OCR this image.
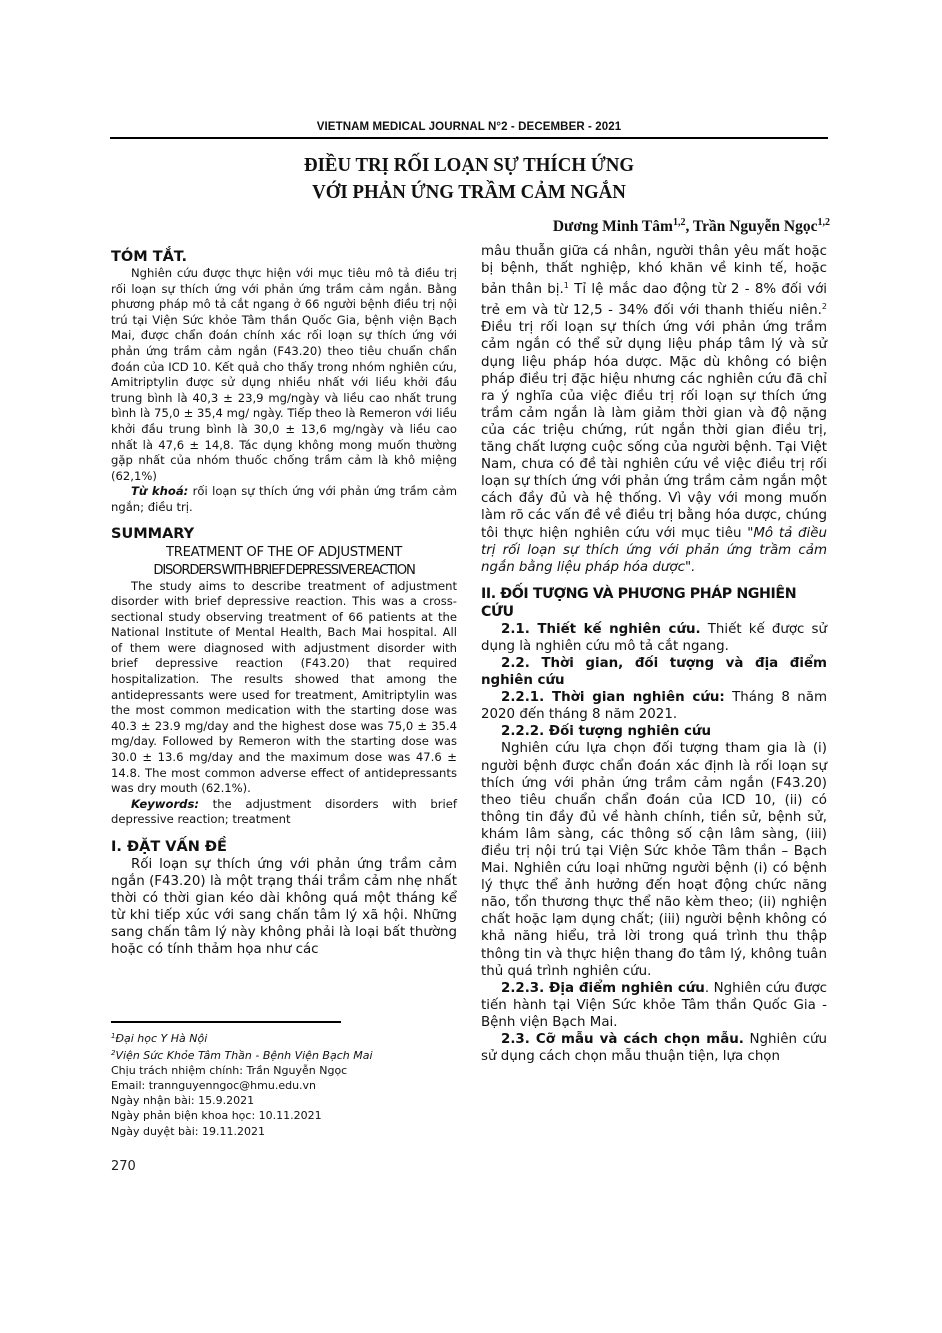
VIETNAM MEDICAL JOURNAL N°2 - DECEMBER - 2021
ĐIỀU TRỊ RỐI LOẠN SỰ THÍCH ỨNG
VỚI PHẢN ỨNG TRẦM CẢM NGẮN
Dương Minh Tâm$^{1,2}$, Trần Nguyễn Ngọc$^{1,2}$
TÓM TẮT.

Nghiên cứu được thực hiện với mục tiêu mô tả điều trị rối loạn sự thích ứng với phản ứng trầm cảm ngắn. Bằng phương pháp mô tả cắt ngang ở 66 người bệnh điều trị nội trú tại Viện Sức khỏe Tâm thần Quốc Gia, bệnh viện Bạch Mai, được chẩn đoán chính xác rối loạn sự thích ứng với phản ứng trầm cảm ngắn (F43.20) theo tiêu chuẩn chẩn đoán của ICD 10. Kết quả cho thấy trong nhóm nghiên cứu, Amitriptylin được sử dụng nhiều nhất với liều khởi đầu trung bình là 40,3 ± 23,9 mg/ngày và liều cao nhất trung bình là 75,0 ± 35,4 mg/ ngày. Tiếp theo là Remeron với liều khởi đầu trung bình là 30,0 ± 13,6 mg/ngày và liều cao nhất là 47,6 ± 14,8. Tác dụng không mong muốn thường gặp nhất của nhóm thuốc chống trầm cảm là khô miệng (62,1%)

Từ khoá: rối loạn sự thích ứng với phản ứng trầm cảm ngắn; điều trị.

SUMMARY
TREATMENT OF THE OF ADJUSTMENT
DISORDERS WITH BRIEF DEPRESSIVE REACTION

The study aims to describe treatment of adjustment disorder with brief depressive reaction. This was a cross-sectional study observing treatment of 66 patients at the National Institute of Mental Health, Bach Mai hospital. All of them were diagnosed with adjustment disorder with brief depressive reaction (F43.20) that required hospitalization. The results showed that among the antidepressants were used for treatment, Amitriptylin was the most common medication with the starting dose was 40.3 ± 23.9 mg/day and the highest dose was 75,0 ± 35.4 mg/day. Followed by Remeron with the starting dose was 30.0 ± 13.6 mg/day and the maximum dose was 47.6 ± 14.8. The most common adverse effect of antidepressants was dry mouth (62.1%).

Keywords: the adjustment disorders with brief depressive reaction; treatment

I. ĐẶT VẤN ĐỀ

Rối loạn sự thích ứng với phản ứng trầm cảm ngắn (F43.20) là một trạng thái trầm cảm nhẹ nhất thời có thời gian kéo dài không quá một tháng kể từ khi tiếp xúc với sang chấn tâm lý xã hội. Những sang chấn tâm lý này không phải là loại bất thường hoặc có tính thảm họa như các

$^1$Đại học Y Hà Nội
$^2$Viện Sức Khỏe Tâm Thần - Bệnh Viện Bạch Mai
Chịu trách nhiệm chính: Trần Nguyễn Ngọc
Email: trannguyenngoc@hmu.edu.vn
Ngày nhận bài: 15.9.2021
Ngày phản biện khoa học: 10.11.2021
Ngày duyệt bài: 19.11.2021
270

mâu thuẫn giữa cá nhân, người thân yêu mất hoặc bị bệnh, thất nghiệp, khó khăn về kinh tế, hoặc bản thân bị.$^1$ Tỉ lệ mắc dao động từ 2 - 8% đối với trẻ em và từ 12,5 - 34% đối với thanh thiếu niên.$^2$ Điều trị rối loạn sự thích ứng với phản ứng trầm cảm ngắn có thể sử dụng liệu pháp tâm lý và sử dụng liệu pháp hóa dược. Mặc dù không có biện pháp điều trị đặc hiệu nhưng các nghiên cứu đã chỉ ra ý nghĩa của việc điều trị rối loạn sự thích ứng trầm cảm ngắn là làm giảm thời gian và độ nặng của các triệu chứng, rút ngắn thời gian điều trị, tăng chất lượng cuộc sống của người bệnh. Tại Việt Nam, chưa có đề tài nghiên cứu về việc điều trị rối loạn sự thích ứng với phản ứng trầm cảm ngắn một cách đầy đủ và hệ thống. Vì vậy với mong muốn làm rõ các vấn đề về điều trị bằng hóa dược, chúng tôi thực hiện nghiên cứu với mục tiêu "Mô tả điều trị rối loạn sự thích ứng với phản ứng trầm cảm ngắn bằng liệu pháp hóa dược".

II. ĐỐI TƯỢNG VÀ PHƯƠNG PHÁP NGHIÊN CỨU

2.1. Thiết kế nghiên cứu. Thiết kế được sử dụng là nghiên cứu mô tả cắt ngang.

2.2. Thời gian, đối tượng và địa điểm nghiên cứu

2.2.1. Thời gian nghiên cứu: Tháng 8 năm 2020 đến tháng 8 năm 2021.

2.2.2. Đối tượng nghiên cứu

Nghiên cứu lựa chọn đối tượng tham gia là (i) người bệnh được chẩn đoán xác định là rối loạn sự thích ứng với phản ứng trầm cảm ngắn (F43.20) theo tiêu chuẩn chẩn đoán của ICD 10, (ii) có thông tin đầy đủ về hành chính, tiền sử, bệnh sử, khám lâm sàng, các thông số cận lâm sàng, (iii) điều trị nội trú tại Viện Sức khỏe Tâm thần – Bạch Mai. Nghiên cứu loại những người bệnh (i) có bệnh lý thực thể ảnh hưởng đến hoạt động chức năng não, tổn thương thực thể não kèm theo; (ii) nghiện chất hoặc lạm dụng chất; (iii) người bệnh không có khả năng hiểu, trả lời trong quá trình thu thập thông tin và thực hiện thang đo tâm lý, không tuân thủ quá trình nghiên cứu.

2.2.3. Địa điểm nghiên cứu. Nghiên cứu được tiến hành tại Viện Sức khỏe Tâm thần Quốc Gia - Bệnh viện Bạch Mai.

2.3. Cỡ mẫu và cách chọn mẫu. Nghiên cứu sử dụng cách chọn mẫu thuận tiện, lựa chọn
